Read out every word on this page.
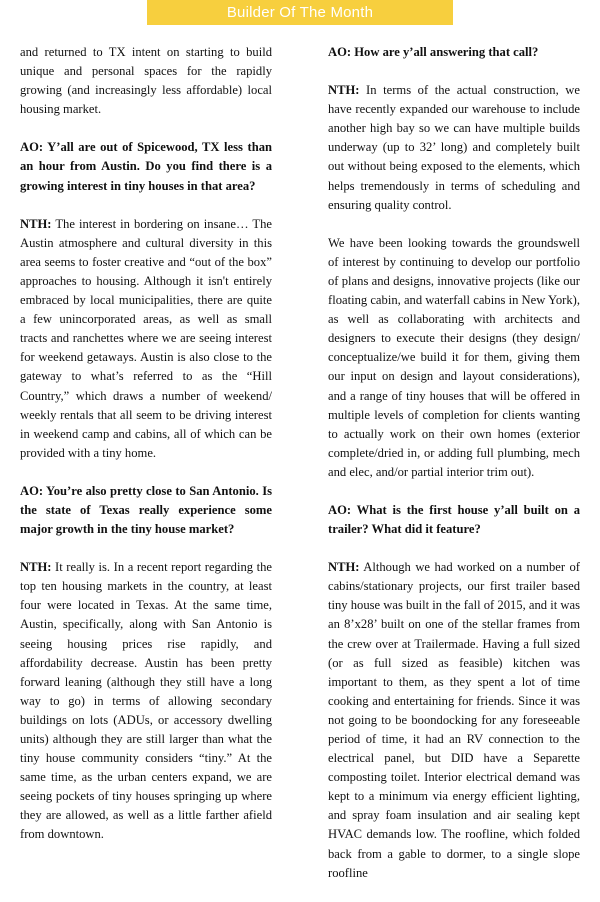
Builder Of The Month

and returned to TX intent on starting to build unique and personal spaces for the rapidly growing (and increasingly less affordable) local housing market.

AO: Y’all are out of Spicewood, TX less than an hour from Austin. Do you find there is a growing interest in tiny houses in that area?

NTH: The interest in bordering on insane… The Austin atmosphere and cultural diversity in this area seems to foster creative and “out of the box” approaches to housing. Although it isn't entirely embraced by local municipalities, there are quite a few unincorporated areas, as well as small tracts and ranchettes where we are seeing interest for weekend getaways. Austin is also close to the gateway to what’s referred to as the “Hill Country,” which draws a number of weekend/ weekly rentals that all seem to be driving interest in weekend camp and cabins, all of which can be provided with a tiny home.

AO: You’re also pretty close to San Antonio. Is the state of Texas really experience some major growth in the tiny house market?

NTH: It really is. In a recent report regarding the top ten housing markets in the country, at least four were located in Texas. At the same time, Austin, specifically, along with San Antonio is seeing housing prices rise rapidly, and affordability decrease. Austin has been pretty forward leaning (although they still have a long way to go) in terms of allowing secondary buildings on lots (ADUs, or accessory dwelling units) although they are still larger than what the tiny house community considers “tiny.” At the same time, as the urban centers expand, we are seeing pockets of tiny houses springing up where they are allowed, as well as a little farther afield from downtown.

AO: How are y’all answering that call?

NTH: In terms of the actual construction, we have recently expanded our warehouse to include another high bay so we can have multiple builds underway (up to 32’ long) and completely built out without being exposed to the elements, which helps tremendously in terms of scheduling and ensuring quality control.

We have been looking towards the groundswell of interest by continuing to develop our portfolio of plans and designs, innovative projects (like our floating cabin, and waterfall cabins in New York), as well as collaborating with architects and designers to execute their designs (they design/ conceptualize/we build it for them, giving them our input on design and layout considerations), and a range of tiny houses that will be offered in multiple levels of completion for clients wanting to actually work on their own homes (exterior complete/dried in, or adding full plumbing, mech and elec, and/or partial interior trim out).

AO: What is the first house y’all built on a trailer? What did it feature?

NTH: Although we had worked on a number of cabins/stationary projects, our first trailer based tiny house was built in the fall of 2015, and it was an 8’x28’ built on one of the stellar frames from the crew over at Trailermade. Having a full sized (or as full sized as feasible) kitchen was important to them, as they spent a lot of time cooking and entertaining for friends. Since it was not going to be boondocking for any foreseeable period of time, it had an RV connection to the electrical panel, but DID have a Separette composting toilet. Interior electrical demand was kept to a minimum via energy efficient lighting, and spray foam insulation and air sealing kept HVAC demands low. The roofline, which folded back from a gable to dormer, to a single slope roofline
